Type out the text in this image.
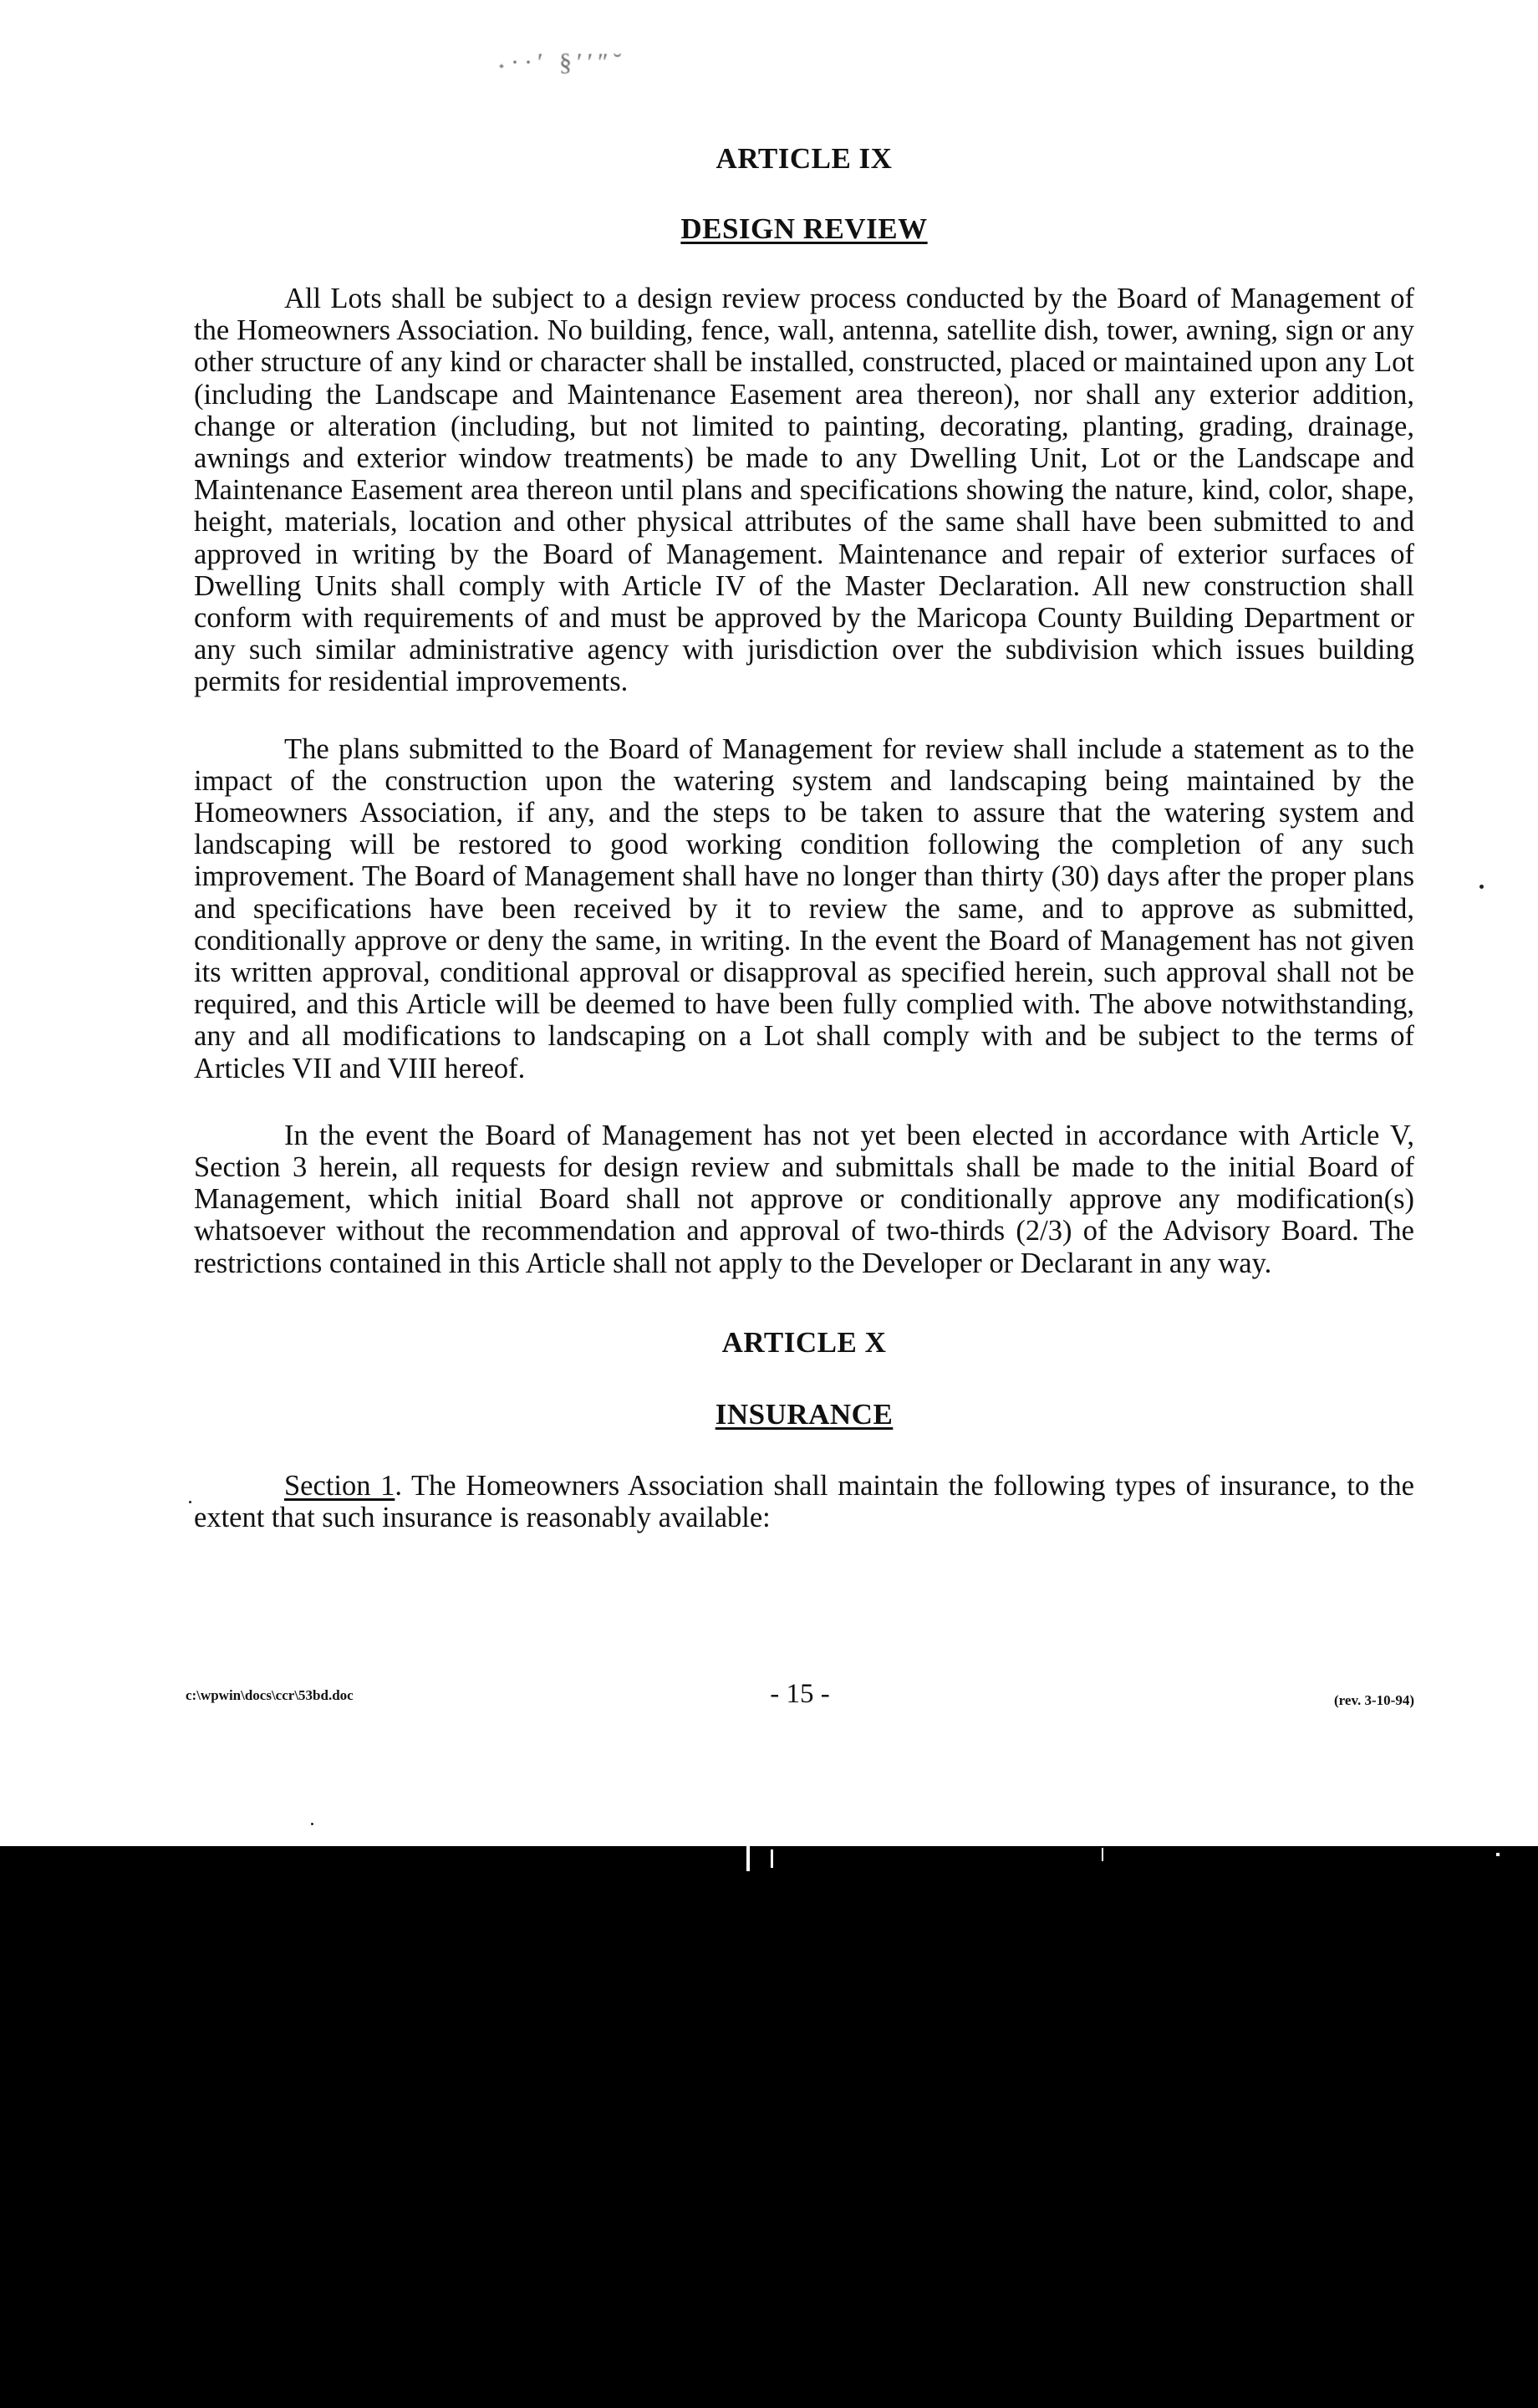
˖··′ §′′″˘
ARTICLE IX
DESIGN REVIEW

All Lots shall be subject to a design review process conducted by the Board of Management of the Homeowners Association. No building, fence, wall, antenna, satellite dish, tower, awning, sign or any other structure of any kind or character shall be installed, constructed, placed or maintained upon any Lot (including the Landscape and Maintenance Easement area thereon), nor shall any exterior addition, change or alteration (including, but not limited to painting, decorating, planting, grading, drainage, awnings and exterior window treatments) be made to any Dwelling Unit, Lot or the Landscape and Maintenance Easement area thereon until plans and specifications showing the nature, kind, color, shape, height, materials, location and other physical attributes of the same shall have been submitted to and approved in writing by the Board of Management. Maintenance and repair of exterior surfaces of Dwelling Units shall comply with Article IV of the Master Declaration. All new construction shall conform with requirements of and must be approved by the Maricopa County Building Department or any such similar administrative agency with jurisdiction over the subdivision which issues building permits for residential improvements.

The plans submitted to the Board of Management for review shall include a statement as to the impact of the construction upon the watering system and landscaping being maintained by the Homeowners Association, if any, and the steps to be taken to assure that the watering system and landscaping will be restored to good working condition following the completion of any such improvement. The Board of Management shall have no longer than thirty (30) days after the proper plans and specifications have been received by it to review the same, and to approve as submitted, conditionally approve or deny the same, in writing. In the event the Board of Management has not given its written approval, conditional approval or disapproval as specified herein, such approval shall not be required, and this Article will be deemed to have been fully complied with. The above notwithstanding, any and all modifications to landscaping on a Lot shall comply with and be subject to the terms of Articles VII and VIII hereof.

In the event the Board of Management has not yet been elected in accordance with Article V, Section 3 herein, all requests for design review and submittals shall be made to the initial Board of Management, which initial Board shall not approve or conditionally approve any modification(s) whatsoever without the recommendation and approval of two-thirds (2/3) of the Advisory Board. The restrictions contained in this Article shall not apply to the Developer or Declarant in any way.

ARTICLE X
INSURANCE

Section 1. The Homeowners Association shall maintain the following types of insurance, to the extent that such insurance is reasonably available:

c:\wpwin\docs\ccr\53bd.doc	- 15 -	(rev. 3-10-94)
